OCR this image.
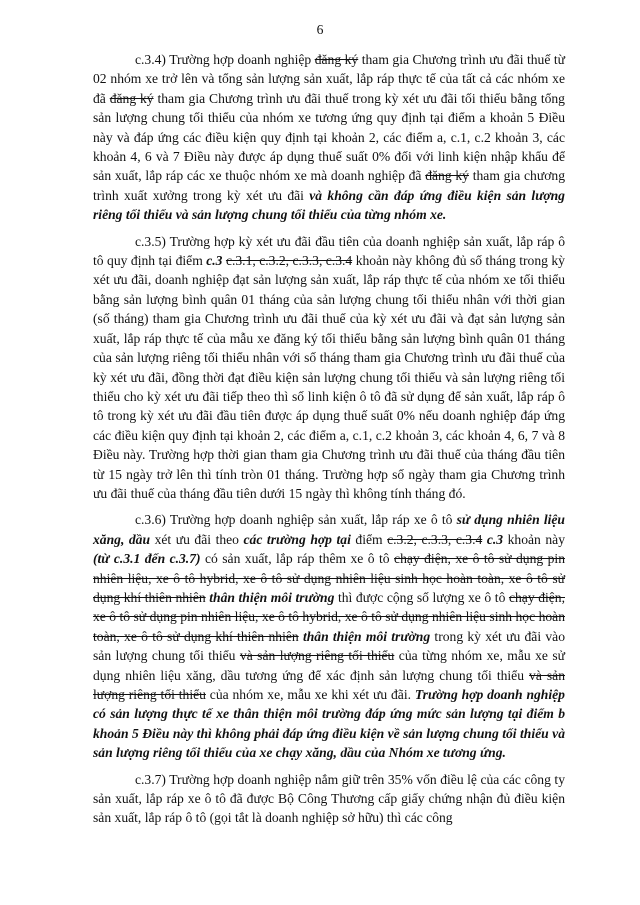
6

c.3.4) Trường hợp doanh nghiệp đăng ký tham gia Chương trình ưu đãi thuế từ 02 nhóm xe trở lên và tổng sản lượng sản xuất, lắp ráp thực tế của tất cả các nhóm xe đã đăng ký tham gia Chương trình ưu đãi thuế trong kỳ xét ưu đãi tối thiểu bằng tổng sản lượng chung tối thiểu của nhóm xe tương ứng quy định tại điểm a khoản 5 Điều này và đáp ứng các điều kiện quy định tại khoản 2, các điểm a, c.1, c.2 khoản 3, các khoản 4, 6 và 7 Điều này được áp dụng thuế suất 0% đối với linh kiện nhập khẩu để sản xuất, lắp ráp các xe thuộc nhóm xe mà doanh nghiệp đã đăng ký tham gia chương trình xuất xưởng trong kỳ xét ưu đãi và không cần đáp ứng điều kiện sản lượng riêng tối thiểu và sản lượng chung tối thiểu của từng nhóm xe.

c.3.5) Trường hợp kỳ xét ưu đãi đầu tiên của doanh nghiệp sản xuất, lắp ráp ô tô quy định tại điểm c.3 c.3.1, c.3.2, c.3.3, c.3.4 khoản này không đủ số tháng trong kỳ xét ưu đãi, doanh nghiệp đạt sản lượng sản xuất, lắp ráp thực tế của nhóm xe tối thiểu bằng sản lượng bình quân 01 tháng của sản lượng chung tối thiểu nhân với thời gian (số tháng) tham gia Chương trình ưu đãi thuế của kỳ xét ưu đãi và đạt sản lượng sản xuất, lắp ráp thực tế của mẫu xe đăng ký tối thiểu bằng sản lượng bình quân 01 tháng của sản lượng riêng tối thiểu nhân với số tháng tham gia Chương trình ưu đãi thuế của kỳ xét ưu đãi, đồng thời đạt điều kiện sản lượng chung tối thiểu và sản lượng riêng tối thiểu cho kỳ xét ưu đãi tiếp theo thì số linh kiện ô tô đã sử dụng để sản xuất, lắp ráp ô tô trong kỳ xét ưu đãi đầu tiên được áp dụng thuế suất 0% nếu doanh nghiệp đáp ứng các điều kiện quy định tại khoản 2, các điểm a, c.1, c.2 khoản 3, các khoản 4, 6, 7 và 8 Điều này. Trường hợp thời gian tham gia Chương trình ưu đãi thuế của tháng đầu tiên từ 15 ngày trở lên thì tính tròn 01 tháng. Trường hợp số ngày tham gia Chương trình ưu đãi thuế của tháng đầu tiên dưới 15 ngày thì không tính tháng đó.

c.3.6) Trường hợp doanh nghiệp sản xuất, lắp ráp xe ô tô sử dụng nhiên liệu xăng, dầu xét ưu đãi theo các trường hợp tại điểm c.3.2, c.3.3, c.3.4 c.3 khoản này (từ c.3.1 đến c.3.7) có sản xuất, lắp ráp thêm xe ô tô chạy điện, xe ô tô sử dụng pin nhiên liệu, xe ô tô hybrid, xe ô tô sử dụng nhiên liệu sinh học hoàn toàn, xe ô tô sử dụng khí thiên nhiên thân thiện môi trường thì được cộng số lượng xe ô tô chạy điện, xe ô tô sử dụng pin nhiên liệu, xe ô tô hybrid, xe ô tô sử dụng nhiên liệu sinh học hoàn toàn, xe ô tô sử dụng khí thiên nhiên thân thiện môi trường trong kỳ xét ưu đãi vào sản lượng chung tối thiểu và sản lượng riêng tối thiểu của từng nhóm xe, mẫu xe sử dụng nhiên liệu xăng, dầu tương ứng để xác định sản lượng chung tối thiểu và sản lượng riêng tối thiểu của nhóm xe, mẫu xe khi xét ưu đãi. Trường hợp doanh nghiệp có sản lượng thực tế xe thân thiện môi trường đáp ứng mức sản lượng tại điểm b khoản 5 Điều này thì không phải đáp ứng điều kiện về sản lượng chung tối thiểu và sản lượng riêng tối thiểu của xe chạy xăng, dầu của Nhóm xe tương ứng.

c.3.7) Trường hợp doanh nghiệp nắm giữ trên 35% vốn điều lệ của các công ty sản xuất, lắp ráp xe ô tô đã được Bộ Công Thương cấp giấy chứng nhận đủ điều kiện sản xuất, lắp ráp ô tô (gọi tắt là doanh nghiệp sở hữu) thì các công
